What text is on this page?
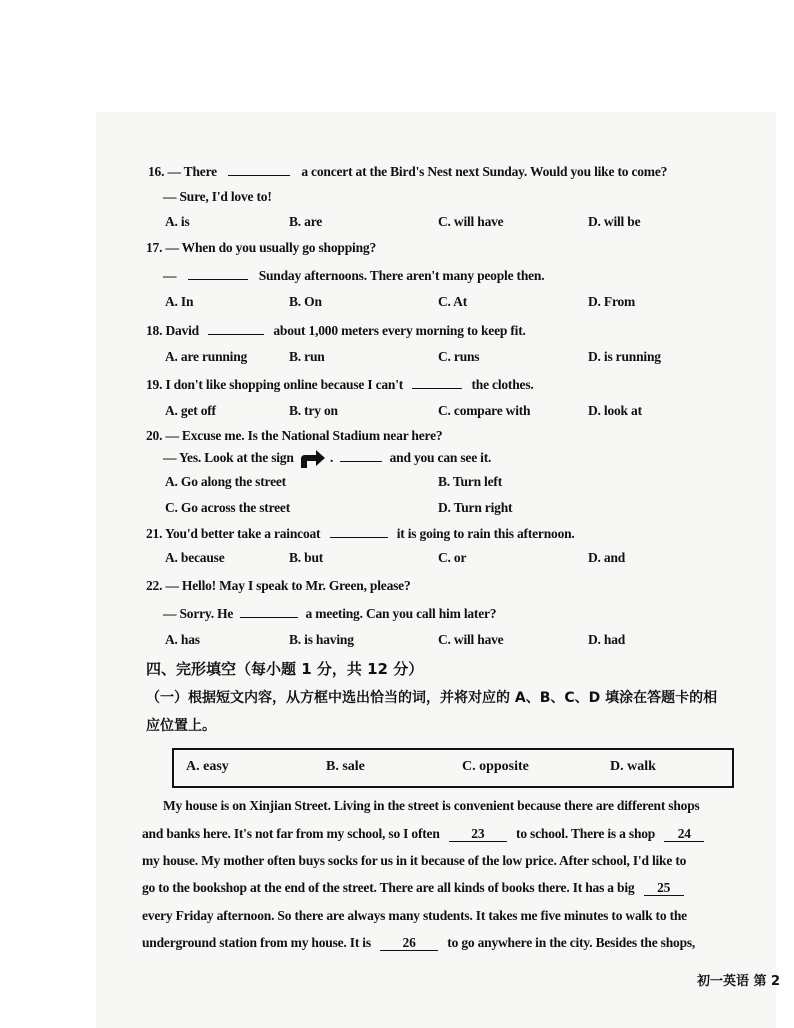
16. — There	a concert at the Bird's Nest next Sunday. Would you like to come?
— Sure, I'd love to!
A. is	B. are	C. will have	D. will be
17. — When do you usually go shopping?
—	Sunday afternoons. There aren't many people then.
A. In	B. On	C. At	D. From
18. David	about 1,000 meters every morning to keep fit.
A. are running	B. run	C. runs	D. is running
19. I don't like shopping online because I can't	the clothes.
A. get off	B. try on	C. compare with	D. look at
20. — Excuse me. Is the National Stadium near here?
— Yes. Look at the sign	.	and you can see it.
A. Go along the street	B. Turn left
C. Go across the street	D. Turn right
21. You'd better take a raincoat	it is going to rain this afternoon.
A. because	B. but	C. or	D. and
22. — Hello! May I speak to Mr. Green, please?
— Sorry. He	a meeting. Can you call him later?
A. has	B. is having	C. will have	D. had
四、完形填空（每小题 1 分，共 12 分）
（一）根据短文内容，从方框中选出恰当的词，并将对应的 A、B、C、D 填涂在答题卡的相
应位置上。
A. easy	B. sale	C. opposite	D. walk
My house is on Xinjian Street. Living in the street is convenient because there are different shops
and banks here. It's not far from my school, so I often 23 to school. There is a shop 24
my house. My mother often buys socks for us in it because of the low price. After school, I'd like to
go to the bookshop at the end of the street. There are all kinds of books there. It has a big 25
every Friday afternoon. So there are always many students. It takes me five minutes to walk to the
underground station from my house. It is 26 to go anywhere in the city. Besides the shops,
初一英语 第 2
